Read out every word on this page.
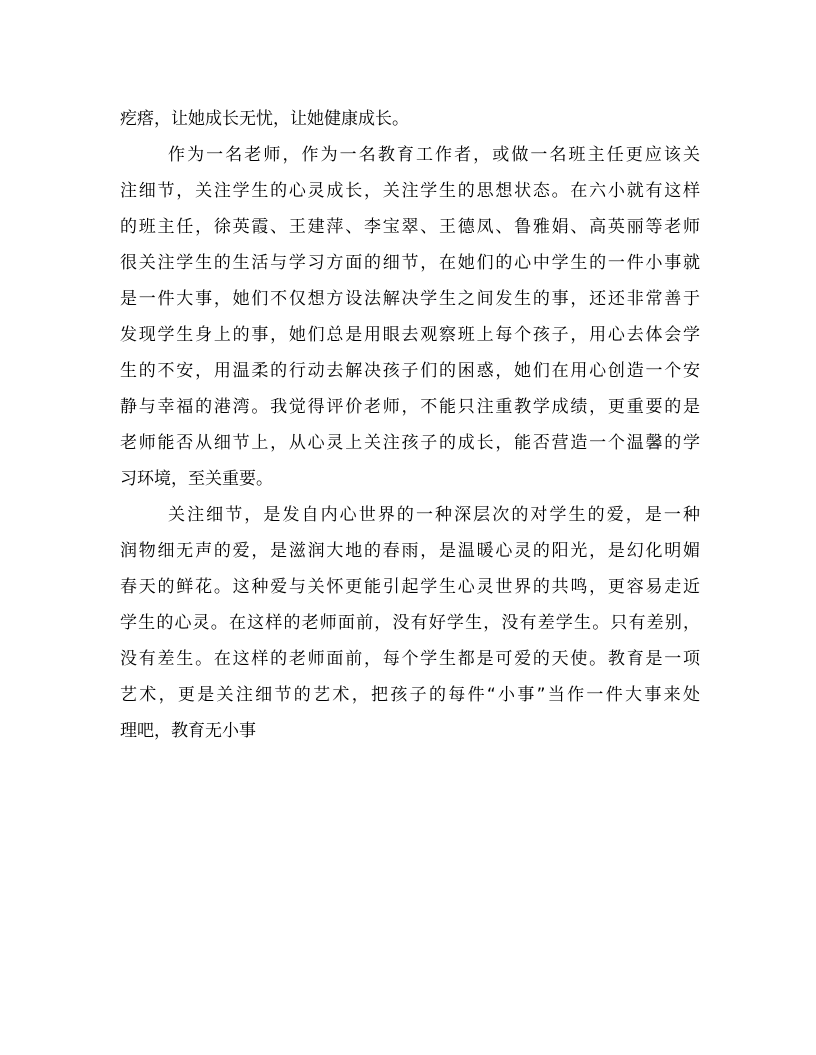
疙瘩，让她成长无忧，让她健康成长。
作为一名老师，作为一名教育工作者，或做一名班主任更应该关
注细节，关注学生的心灵成长，关注学生的思想状态。在六小就有这样
的班主任，徐英霞、王建萍、李宝翠、王德凤、鲁雅娟、高英丽等老师
很关注学生的生活与学习方面的细节，在她们的心中学生的一件小事就
是一件大事，她们不仅想方设法解决学生之间发生的事，还还非常善于
发现学生身上的事，她们总是用眼去观察班上每个孩子，用心去体会学
生的不安，用温柔的行动去解决孩子们的困惑，她们在用心创造一个安
静与幸福的港湾。我觉得评价老师，不能只注重教学成绩，更重要的是
老师能否从细节上，从心灵上关注孩子的成长，能否营造一个温馨的学
习环境，至关重要。
关注细节，是发自内心世界的一种深层次的对学生的爱，是一种
润物细无声的爱，是滋润大地的春雨，是温暖心灵的阳光，是幻化明媚
春天的鲜花。这种爱与关怀更能引起学生心灵世界的共鸣，更容易走近
学生的心灵。在这样的老师面前，没有好学生，没有差学生。只有差别，
没有差生。在这样的老师面前，每个学生都是可爱的天使。教育是一项
艺术，更是关注细节的艺术，把孩子的每件“小事”当作一件大事来处
理吧，教育无小事
